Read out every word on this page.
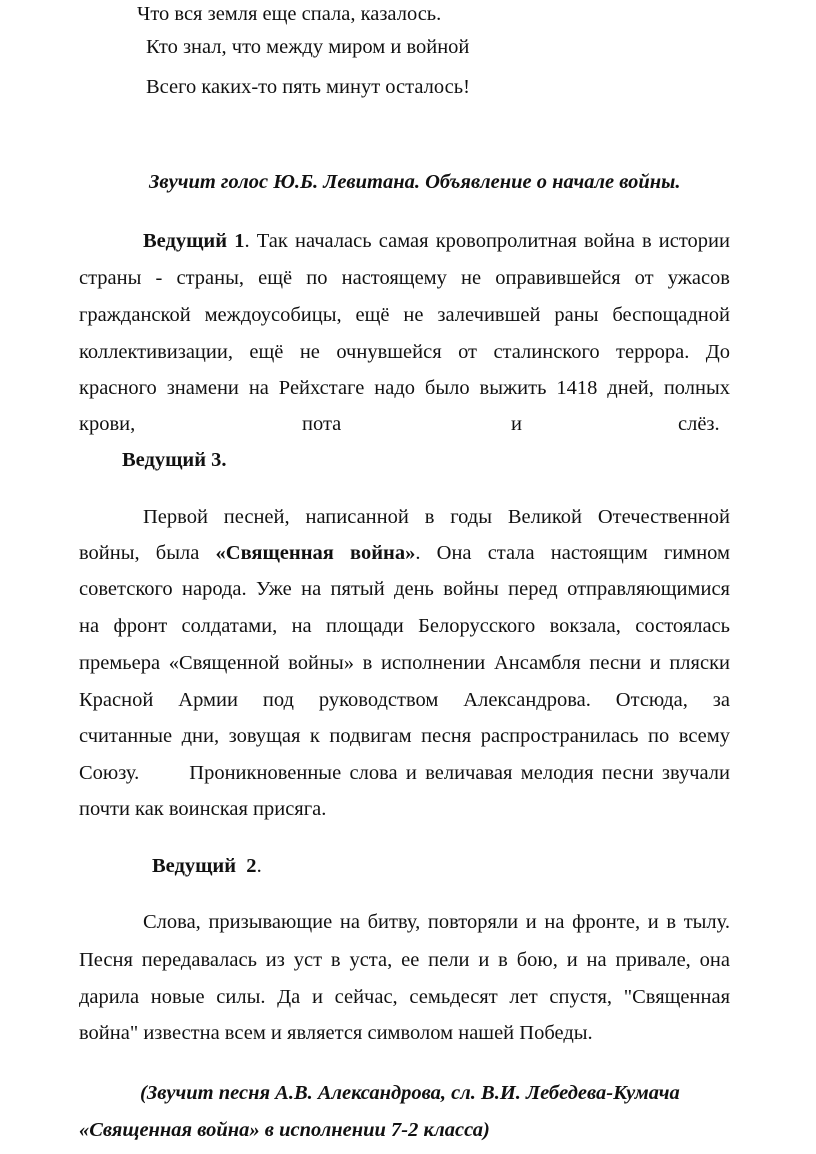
Что вся земля еще спала, казалось.
Кто знал, что между миром и войной
Всего каких-то пять минут осталось!
Звучит голос Ю.Б. Левитана. Объявление о начале войны.
Ведущий 1. Так началась самая кровопролитная война в истории
страны - страны, ещё по настоящему не оправившейся от ужасов
гражданской междоусобицы, ещё не залечившей раны беспощадной
коллективизации, ещё не очнувшейся от сталинского террора. До
красного знамени на Рейхстаге надо было выжить 1418 дней, полных
крови,	пота	и	слёз.
Ведущий 3.
Первой песней, написанной в годы Великой Отечественной
войны, была «Священная война». Она стала настоящим гимном
советского народа. Уже на пятый день войны перед отправляющимися
на фронт солдатами, на площади Белорусского вокзала, состоялась
премьера «Священной войны» в исполнении Ансамбля песни и пляски
Красной Армии под руководством Александрова. Отсюда, за
считанные дни, зовущая к подвигам песня распространилась по всему
Союзу.      Проникновенные слова и величавая мелодия песни звучали
почти как воинская присяга.
Ведущий  2.
Слова, призывающие на битву, повторяли и на фронте, и в тылу.
Песня передавалась из уст в уста, ее пели и в бою, и на привале, она
дарила новые силы. Да и сейчас, семьдесят лет спустя, "Священная
война" известна всем и является символом нашей Победы.
(Звучит песня А.В. Александрова, сл. В.И. Лебедева-Кумача
«Священная война» в исполнении 7-2 класса)
